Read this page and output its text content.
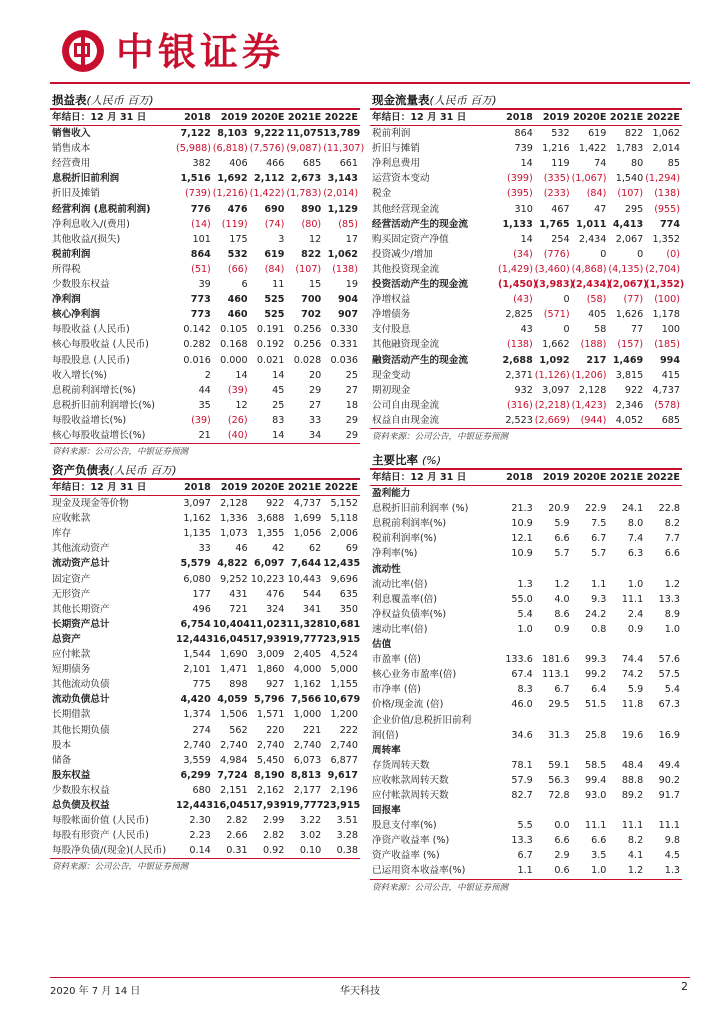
中银证券
损益表(人民币 百万)
年结日：12 月 31 日	2018	2019	2020E	2021E	2022E
销售收入	7,122	8,103	9,222	11,075	13,789
销售成本	(5,988)	(6,818)	(7,576)	(9,087)	(11,307)
经营费用	382	406	466	685	661
息税折旧前利润	1,516	1,692	2,112	2,673	3,143
折旧及摊销	(739)	(1,216)	(1,422)	(1,783)	(2,014)
经营利润 (息税前利润)	776	476	690	890	1,129
净利息收入/(费用)	(14)	(119)	(74)	(80)	(85)
其他收益/(损失)	101	175	3	12	17
税前利润	864	532	619	822	1,062
所得税	(51)	(66)	(84)	(107)	(138)
少数股东权益	39	6	11	15	19
净利润	773	460	525	700	904
核心净利润	773	460	525	702	907
每股收益 (人民币)	0.142	0.105	0.191	0.256	0.330
核心每股收益 (人民币)	0.282	0.168	0.192	0.256	0.331
每股股息 (人民币)	0.016	0.000	0.021	0.028	0.036
收入增长(%)	2	14	14	20	25
息税前利润增长(%)	44	(39)	45	29	27
息税折旧前利润增长(%)	35	12	25	27	18
每股收益增长(%)	(39)	(26)	83	33	29
核心每股收益增长(%)	21	(40)	14	34	29
资料来源：公司公告，中银证券预测
现金流量表(人民币 百万)
年结日：12 月 31 日	2018	2019	2020E	2021E	2022E
税前利润	864	532	619	822	1,062
折旧与摊销	739	1,216	1,422	1,783	2,014
净利息费用	14	119	74	80	85
运营资本变动	(399)	(335)	(1,067)	1,540	(1,294)
税金	(395)	(233)	(84)	(107)	(138)
其他经营现金流	310	467	47	295	(955)
经营活动产生的现金流	1,133	1,765	1,011	4,413	774
购买固定资产净值	14	254	2,434	2,067	1,352
投资减少/增加	(34)	(776)	0	0	(0)
其他投资现金流	(1,429)	(3,460)	(4,868)	(4,135)	(2,704)
投资活动产生的现金流	(1,450)	(3,983)	(2,434)	(2,067)	(1,352)
净增权益	(43)	0	(58)	(77)	(100)
净增债务	2,825	(571)	405	1,626	1,178
支付股息	43	0	58	77	100
其他融资现金流	(138)	1,662	(188)	(157)	(185)
融资活动产生的现金流	2,688	1,092	217	1,469	994
现金变动	2,371	(1,126)	(1,206)	3,815	415
期初现金	932	3,097	2,128	922	4,737
公司自由现金流	(316)	(2,218)	(1,423)	2,346	(578)
权益自由现金流	2,523	(2,669)	(944)	4,052	685
资料来源：公司公告，中银证券预测
资产负债表(人民币 百万)
年结日：12 月 31 日	2018	2019	2020E	2021E	2022E
现金及现金等价物	3,097	2,128	922	4,737	5,152
应收帐款	1,162	1,336	3,688	1,699	5,118
库存	1,135	1,073	1,355	1,056	2,006
其他流动资产	33	46	42	62	69
流动资产总计	5,579	4,822	6,097	7,644	12,435
固定资产	6,080	9,252	10,223	10,443	9,696
无形资产	177	431	476	544	635
其他长期资产	496	721	324	341	350
长期资产总计	6,754	10,404	11,023	11,328	10,681
总资产	12,443	16,045	17,939	19,777	23,915
应付帐款	1,544	1,690	3,009	2,405	4,524
短期债务	2,101	1,471	1,860	4,000	5,000
其他流动负债	775	898	927	1,162	1,155
流动负债总计	4,420	4,059	5,796	7,566	10,679
长期借款	1,374	1,506	1,571	1,000	1,200
其他长期负债	274	562	220	221	222
股本	2,740	2,740	2,740	2,740	2,740
储备	3,559	4,984	5,450	6,073	6,877
股东权益	6,299	7,724	8,190	8,813	9,617
少数股东权益	680	2,151	2,162	2,177	2,196
总负债及权益	12,443	16,045	17,939	19,777	23,915
每股帐面价值 (人民币)	2.30	2.82	2.99	3.22	3.51
每股有形资产 (人民币)	2.23	2.66	2.82	3.02	3.28
每股净负债/(现金)(人民币)	0.14	0.31	0.92	0.10	0.38
资料来源：公司公告，中银证券预测
主要比率 (%)
年结日：12 月 31 日	2018	2019	2020E	2021E	2022E
盈利能力					
息税折旧前利润率 (%)	21.3	20.9	22.9	24.1	22.8
息税前利润率(%)	10.9	5.9	7.5	8.0	8.2
税前利润率(%)	12.1	6.6	6.7	7.4	7.7
净利率(%)	10.9	5.7	5.7	6.3	6.6
流动性					
流动比率(倍)	1.3	1.2	1.1	1.0	1.2
利息覆盖率(倍)	55.0	4.0	9.3	11.1	13.3
净权益负债率(%)	5.4	8.6	24.2	2.4	8.9
速动比率(倍)	1.0	0.9	0.8	0.9	1.0
估值					
市盈率 (倍)	133.6	181.6	99.3	74.4	57.6
核心业务市盈率(倍)	67.4	113.1	99.2	74.2	57.5
市净率 (倍)	8.3	6.7	6.4	5.9	5.4
价格/现金流 (倍)	46.0	29.5	51.5	11.8	67.3
企业价值/息税折旧前利					
润(倍)	34.6	31.3	25.8	19.6	16.9
周转率					
存货周转天数	78.1	59.1	58.5	48.4	49.4
应收帐款周转天数	57.9	56.3	99.4	88.8	90.2
应付帐款周转天数	82.7	72.8	93.0	89.2	91.7
回报率					
股息支付率(%)	5.5	0.0	11.1	11.1	11.1
净资产收益率 (%)	13.3	6.6	6.6	8.2	9.8
资产收益率 (%)	6.7	2.9	3.5	4.1	4.5
已运用资本收益率(%)	1.1	0.6	1.0	1.2	1.3
资料来源：公司公告，中银证券预测
2020 年 7 月 14 日	华天科技	2
